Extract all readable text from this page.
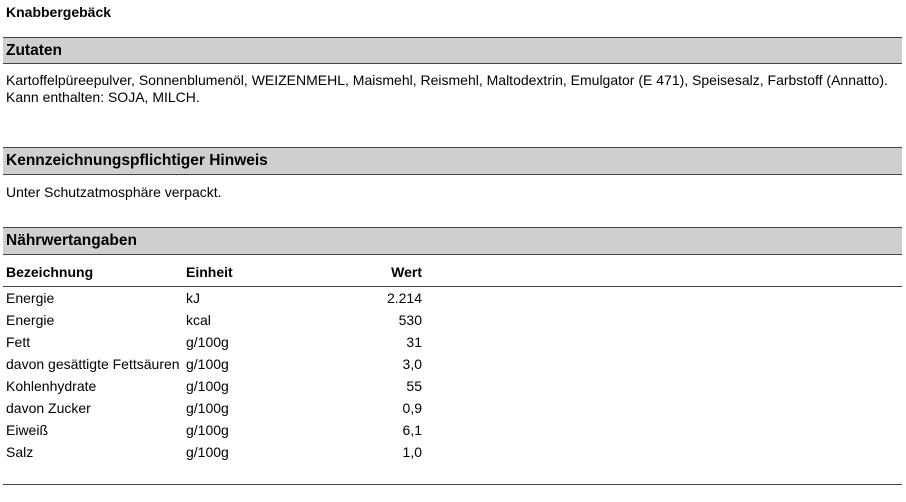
Knabbergebäck
Zutaten
Kartoffelpüreepulver, Sonnenblumenöl, WEIZENMEHL, Maismehl, Reismehl, Maltodextrin, Emulgator (E 471), Speisesalz, Farbstoff (Annatto).
Kann enthalten: SOJA, MILCH.
Kennzeichnungspflichtiger Hinweis
Unter Schutzatmosphäre verpackt.
Nährwertangaben
Bezeichnung	Einheit	Wert	
Energie	kJ	2.214	
Energie	kcal	530	
Fett	g/100g	31	
davon gesättigte Fettsäuren	g/100g	3,0	
Kohlenhydrate	g/100g	55	
davon Zucker	g/100g	0,9	
Eiweiß	g/100g	6,1	
Salz	g/100g	1,0	
